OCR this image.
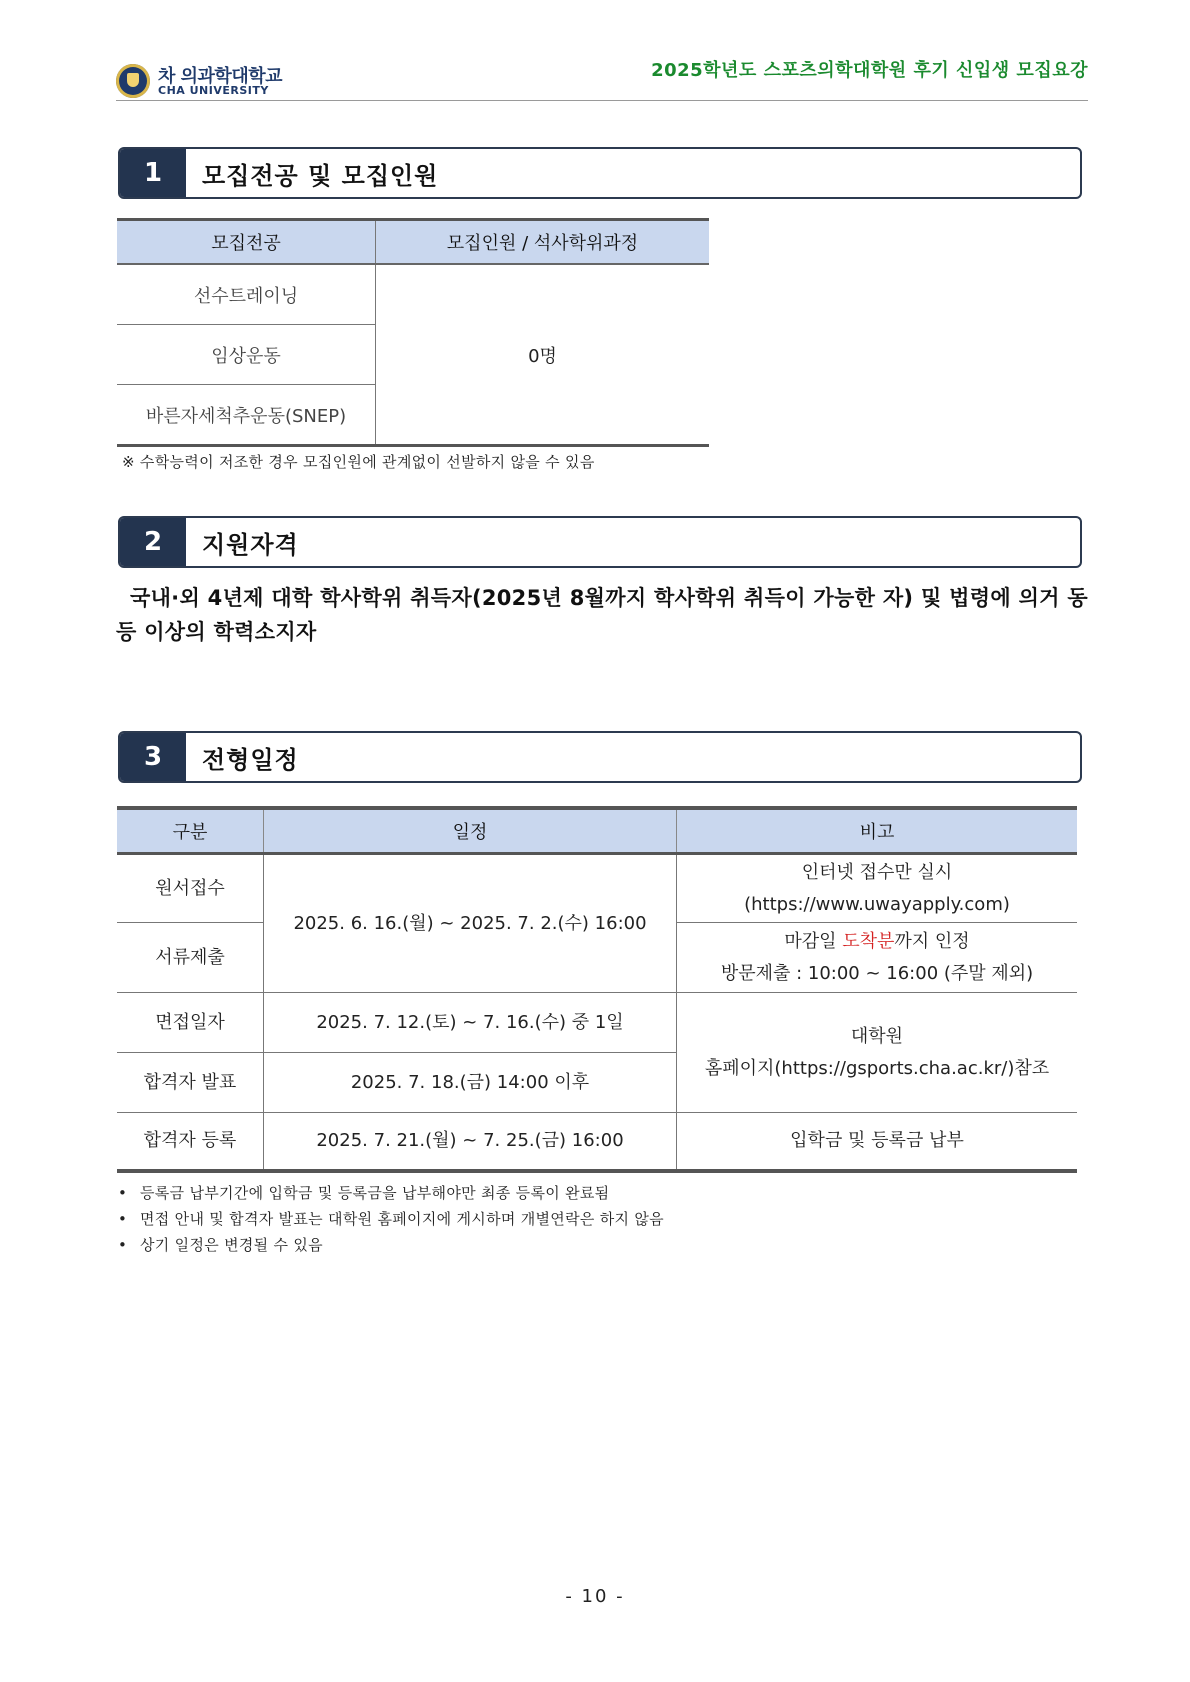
차 의과학대학교
CHA UNIVERSITY
2025학년도 스포츠의학대학원 후기 신입생 모집요강
1	모집전공 및 모집인원
모집전공	모집인원 / 석사학위과정
선수트레이닝	0명
임상운동	
바른자세척추운동(SNEP)	
※ 수학능력이 저조한 경우 모집인원에 관계없이 선발하지 않을 수 있음
2	지원자격
국내·외 4년제 대학 학사학위 취득자(2025년 8월까지 학사학위 취득이 가능한 자) 및 법령에 의거 동등 이상의 학력소지자
3	전형일정
구분	일정	비고
원서접수	2025. 6. 16.(월) ~ 2025. 7. 2.(수) 16:00	인터넷 접수만 실시
(https://www.uwayapply.com)

서류제출		마감일 도착분까지 인정
방문제출 : 10:00 ~ 16:00 (주말 제외)

면접일자	2025. 7. 12.(토) ~ 7. 16.(수) 중 1일	대학원
홈페이지(https://gsports.cha.ac.kr/)참조

합격자 발표	2025. 7. 18.(금) 14:00 이후	
합격자 등록	2025. 7. 21.(월) ~ 7. 25.(금) 16:00	입학금 및 등록금 납부
• 등록금 납부기간에 입학금 및 등록금을 납부해야만 최종 등록이 완료됨
• 면접 안내 및 합격자 발표는 대학원 홈페이지에 게시하며 개별연락은 하지 않음
• 상기 일정은 변경될 수 있음
- 10 -
